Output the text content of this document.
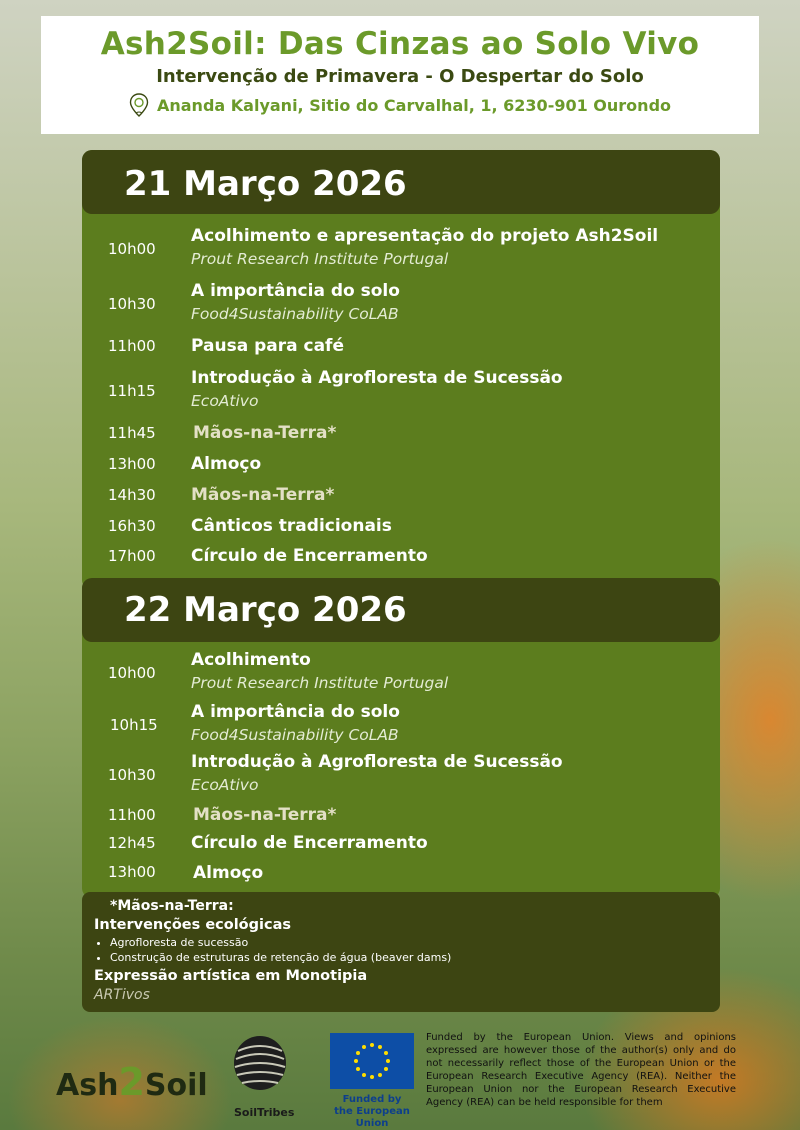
Ash2Soil: Das Cinzas ao Solo Vivo
Intervenção de Primavera - O Despertar do Solo
Ananda Kalyani, Sitio do Carvalhal, 1, 6230-901 Ourondo
21 Março 2026
10h00
Acolhimento e apresentação do projeto Ash2Soil
Prout Research Institute Portugal
10h30
A importância do solo
Food4Sustainability CoLAB
11h00 Pausa para café
11h15
Introdução à Agrofloresta de Sucessão
EcoAtivo
11h45 Mãos-na-Terra*
13h00 Almoço
14h30 Mãos-na-Terra*
16h30 Cânticos tradicionais
17h00 Círculo de Encerramento
22 Março 2026
10h00
Acolhimento
Prout Research Institute Portugal
10h15
A importância do solo
Food4Sustainability CoLAB
10h30
Introdução à Agrofloresta de Sucessão
EcoAtivo
11h00 Mãos-na-Terra*
12h45 Círculo de Encerramento
13h00 Almoço
*Mãos-na-Terra:
Intervenções ecológicas
• Agrofloresta de sucessão
• Construção de estruturas de retenção de água (beaver dams)
Expressão artística em Monotipia
ARTivos
Ash2Soil
SoilTribes
Funded by
the European Union
Funded by the European Union. Views and opinions expressed are however those of the author(s) only and do not necessarily reflect those of the European Union or the European Research Executive Agency (REA). Neither the European Union nor the European Research Executive Agency (REA) can be held responsible for them
